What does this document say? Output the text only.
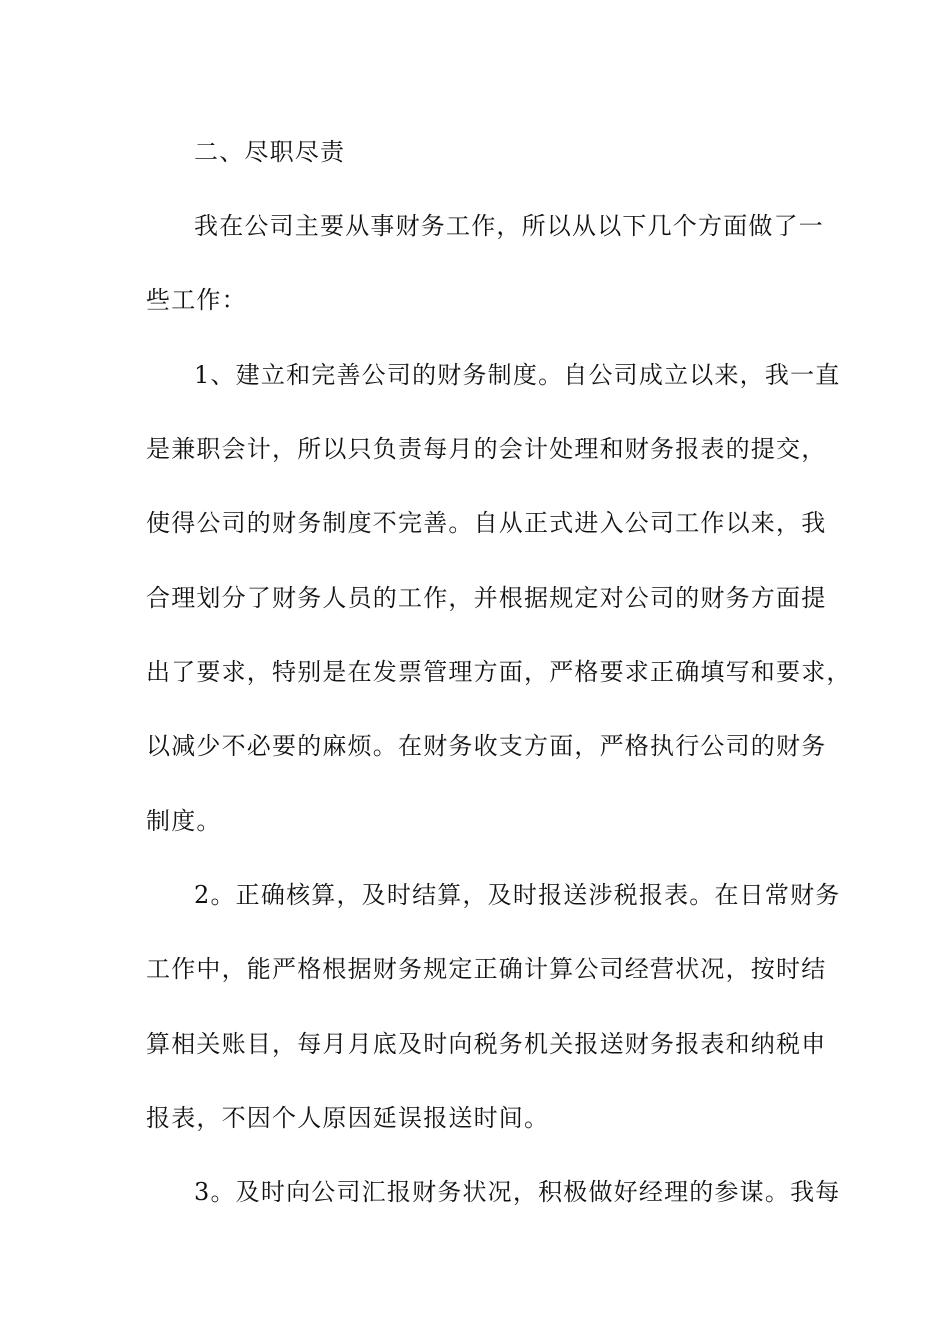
二、尽职尽责
我在公司主要从事财务工作，所以从以下几个方面做了一
些工作：
1、建立和完善公司的财务制度。自公司成立以来，我一直
是兼职会计，所以只负责每月的会计处理和财务报表的提交，
使得公司的财务制度不完善。自从正式进入公司工作以来，我
合理划分了财务人员的工作，并根据规定对公司的财务方面提
出了要求，特别是在发票管理方面，严格要求正确填写和要求，
以减少不必要的麻烦。在财务收支方面，严格执行公司的财务
制度。
2。正确核算，及时结算，及时报送涉税报表。在日常财务
工作中，能严格根据财务规定正确计算公司经营状况，按时结
算相关账目，每月月底及时向税务机关报送财务报表和纳税申
报表，不因个人原因延误报送时间。
3。及时向公司汇报财务状况，积极做好经理的参谋。我每
